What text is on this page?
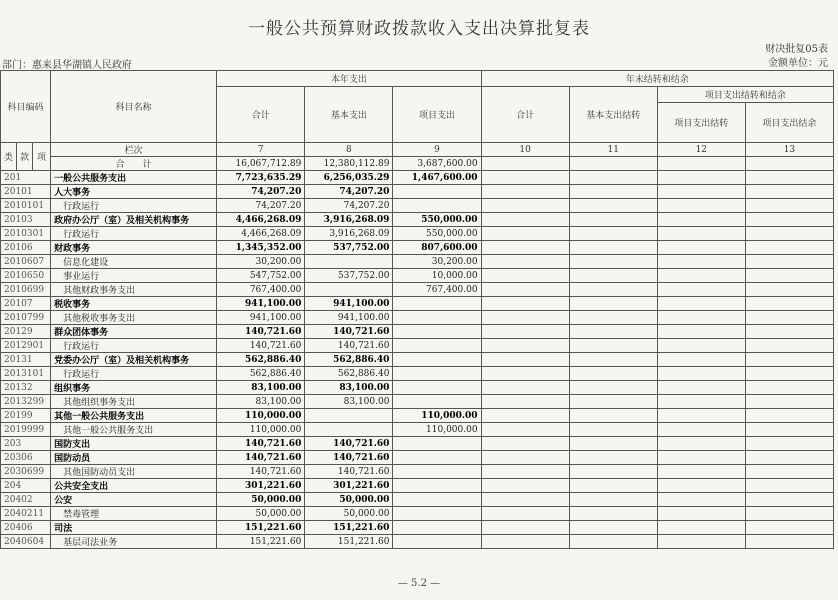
一般公共预算财政拨款收入支出决算批复表
财决批复05表
金额单位：元
部门：惠来县华湖镇人民政府
科目编码			科目名称	本年支出			年末结转和结余			
				合计	基本支出	项目支出	合计	基本支出结转	项目支出结转和结余	
									项目支出结转	项目支出结余
类	款	项	栏次	7	8	9	10	11	12	13
			合　　计	16,067,712.89	12,380,112.89	3,687,600.00				
201			一般公共服务支出	7,723,635.29	6,256,035.29	1,467,600.00				
20101			人大事务	74,207.20	74,207.20					
2010101			行政运行	74,207.20	74,207.20					
20103			政府办公厅（室）及相关机构事务	4,466,268.09	3,916,268.09	550,000.00				
2010301			行政运行	4,466,268.09	3,916,268.09	550,000.00				
20106			财政事务	1,345,352.00	537,752.00	807,600.00				
2010607			信息化建设	30,200.00		30,200.00				
2010650			事业运行	547,752.00	537,752.00	10,000.00				
2010699			其他财政事务支出	767,400.00		767,400.00				
20107			税收事务	941,100.00	941,100.00					
2010799			其他税收事务支出	941,100.00	941,100.00					
20129			群众团体事务	140,721.60	140,721.60					
2012901			行政运行	140,721.60	140,721.60					
20131			党委办公厅（室）及相关机构事务	562,886.40	562,886.40					
2013101			行政运行	562,886.40	562,886.40					
20132			组织事务	83,100.00	83,100.00					
2013299			其他组织事务支出	83,100.00	83,100.00					
20199			其他一般公共服务支出	110,000.00		110,000.00				
2019999			其他一般公共服务支出	110,000.00		110,000.00				
203			国防支出	140,721.60	140,721.60					
20306			国防动员	140,721.60	140,721.60					
2030699			其他国防动员支出	140,721.60	140,721.60					
204			公共安全支出	301,221.60	301,221.60					
20402			公安	50,000.00	50,000.00					
2040211			禁毒管理	50,000.00	50,000.00					
20406			司法	151,221.60	151,221.60					
2040604			基层司法业务	151,221.60	151,221.60					
— 5.2 —
